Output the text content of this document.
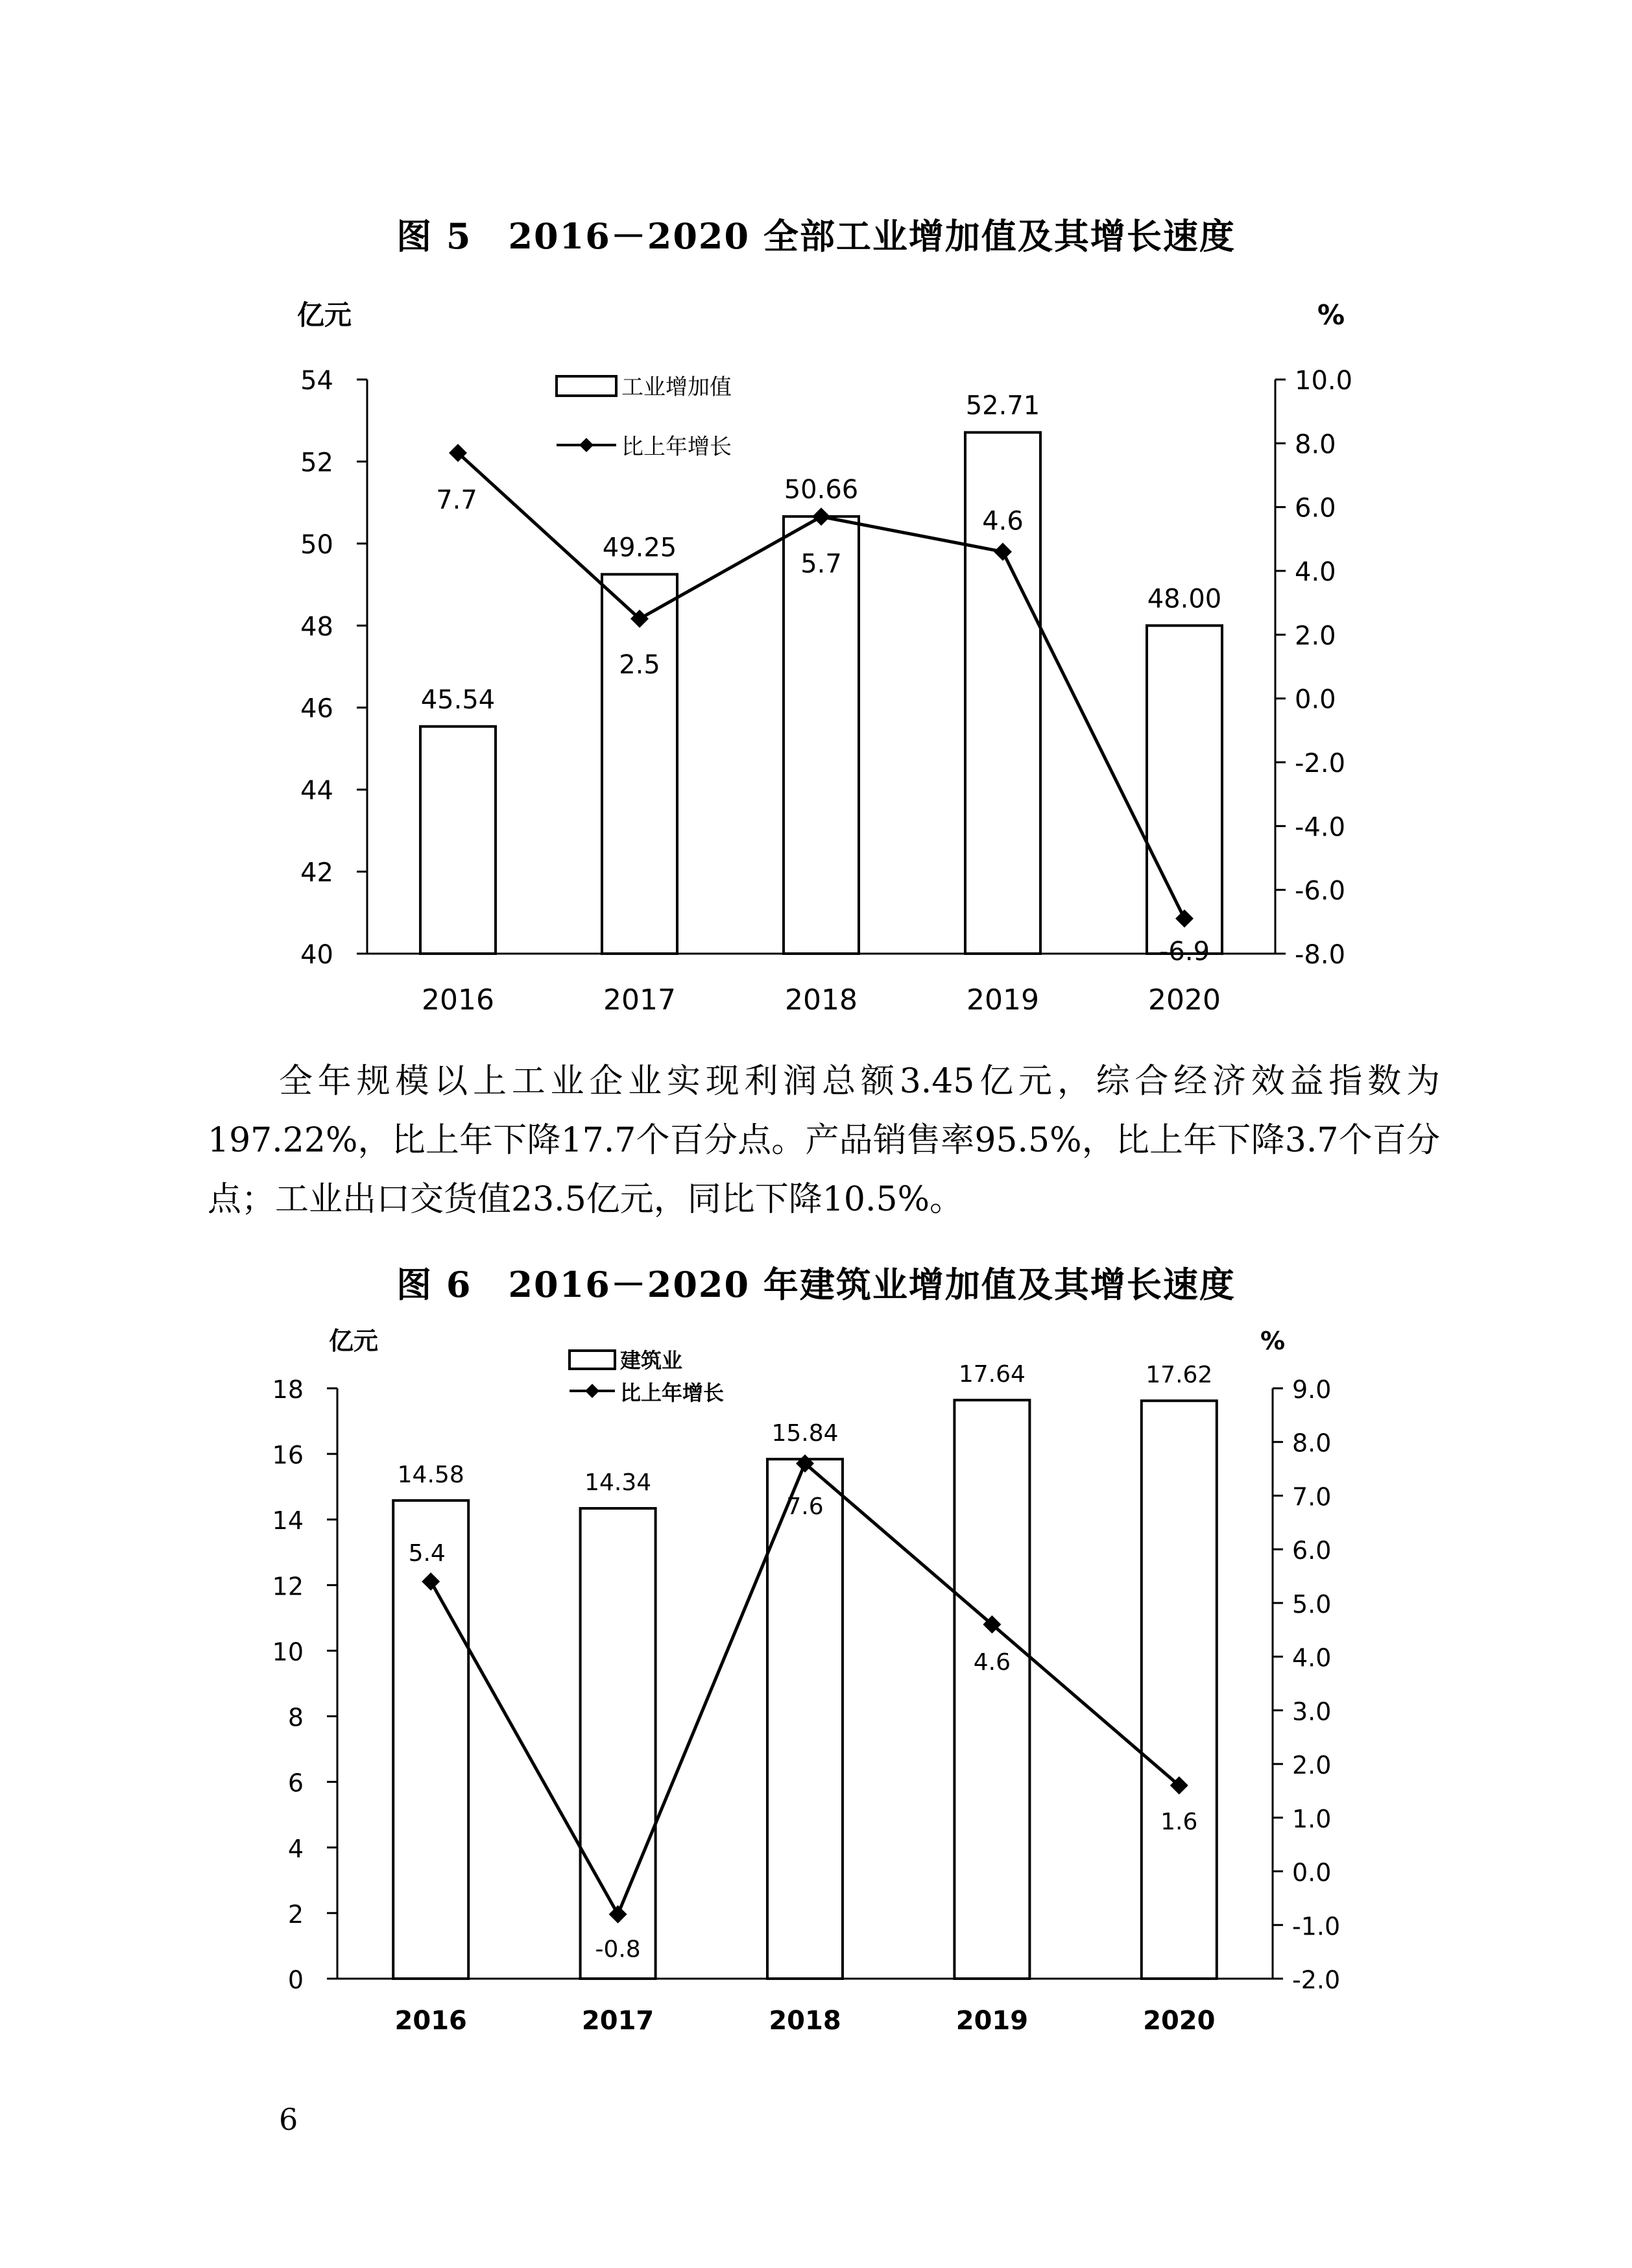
图 5　2016－2020 全部工业增加值及其增长速度
40
42
44
46
48
50
52
54
-8.0
-6.0
-4.0
-2.0
0.0
2.0
4.0
6.0
8.0
10.0
亿元	%
45.54
49.25
50.66
52.71
48.00
2016	2017	2018	2019	2020
7.7
2.5
5.7
4.6
-6.9
工业增加值
比上年增长

全年规模以上工业企业实现利润总额3.45亿元，综合经济效益指数为197.22%，比上年下降17.7个百分点。产品销售率95.5%，比上年下降3.7个百分点；工业出口交货值23.5亿元，同比下降10.5%。

图 6　2016－2020 年建筑业增加值及其增长速度
0
2
4
6
8
10
12
14
16
18
-2.0
-1.0
0.0
1.0
2.0
3.0
4.0
5.0
6.0
7.0
8.0
9.0
亿元	%
14.58	14.34
15.84
17.64	17.62
2016	2017	2018	2019	2020
5.4
-0.8
7.6
4.6
1.6
建筑业
比上年增长
6
